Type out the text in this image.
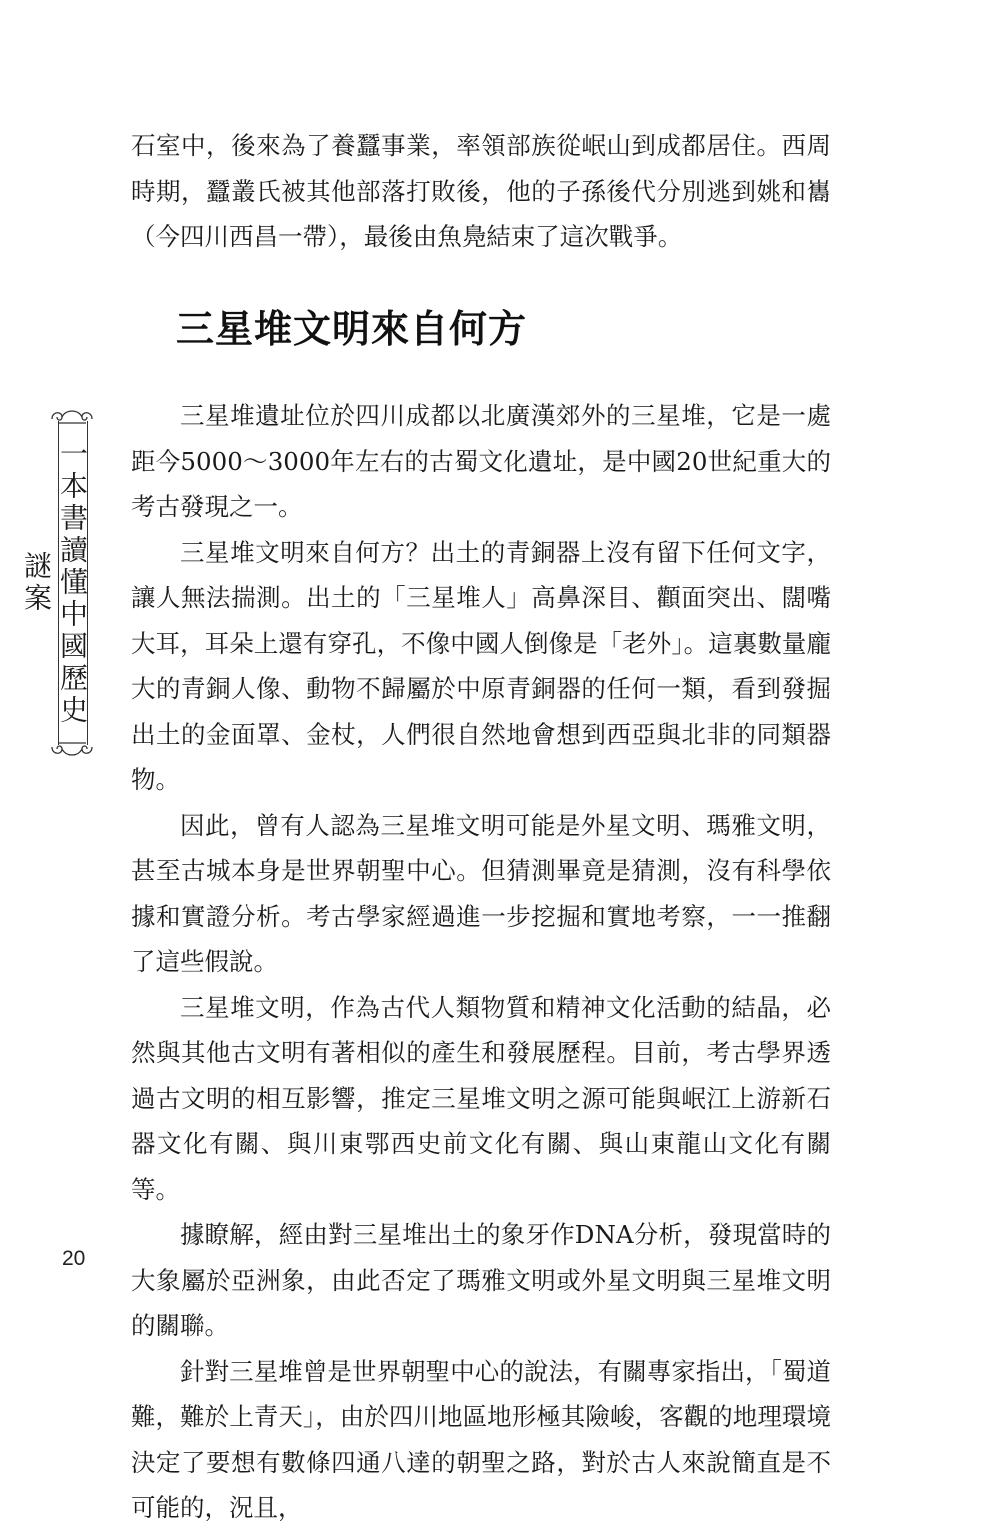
石室中，後來為了養蠶事業，率領部族從岷山到成都居住。西周時期，蠶叢氏被其他部落打敗後，他的子孫後代分別逃到姚和巂（今四川西昌一帶），最後由魚鳧結束了這次戰爭。

三星堆文明來自何方

三星堆遺址位於四川成都以北廣漢郊外的三星堆，它是一處距今5000～3000年左右的古蜀文化遺址，是中國20世紀重大的考古發現之一。

三星堆文明來自何方？出土的青銅器上沒有留下任何文字，讓人無法揣測。出土的「三星堆人」高鼻深目、顴面突出、闊嘴大耳，耳朵上還有穿孔，不像中國人倒像是「老外」。這裏數量龐大的青銅人像、動物不歸屬於中原青銅器的任何一類，看到發掘出土的金面罩、金杖，人們很自然地會想到西亞與北非的同類器物。

因此，曾有人認為三星堆文明可能是外星文明、瑪雅文明，甚至古城本身是世界朝聖中心。但猜測畢竟是猜測，沒有科學依據和實證分析。考古學家經過進一步挖掘和實地考察，一一推翻了這些假說。

三星堆文明，作為古代人類物質和精神文化活動的結晶，必然與其他古文明有著相似的產生和發展歷程。目前，考古學界透過古文明的相互影響，推定三星堆文明之源可能與岷江上游新石器文化有關、與川東鄂西史前文化有關、與山東龍山文化有關等。

據瞭解，經由對三星堆出土的象牙作DNA分析，發現當時的大象屬於亞洲象，由此否定了瑪雅文明或外星文明與三星堆文明的關聯。

針對三星堆曾是世界朝聖中心的說法，有關專家指出，「蜀道難，難於上青天」，由於四川地區地形極其險峻，客觀的地理環境決定了要想有數條四通八達的朝聖之路，對於古人來說簡直是不可能的，況且，

一本書讀懂中國歷史謎案

20
